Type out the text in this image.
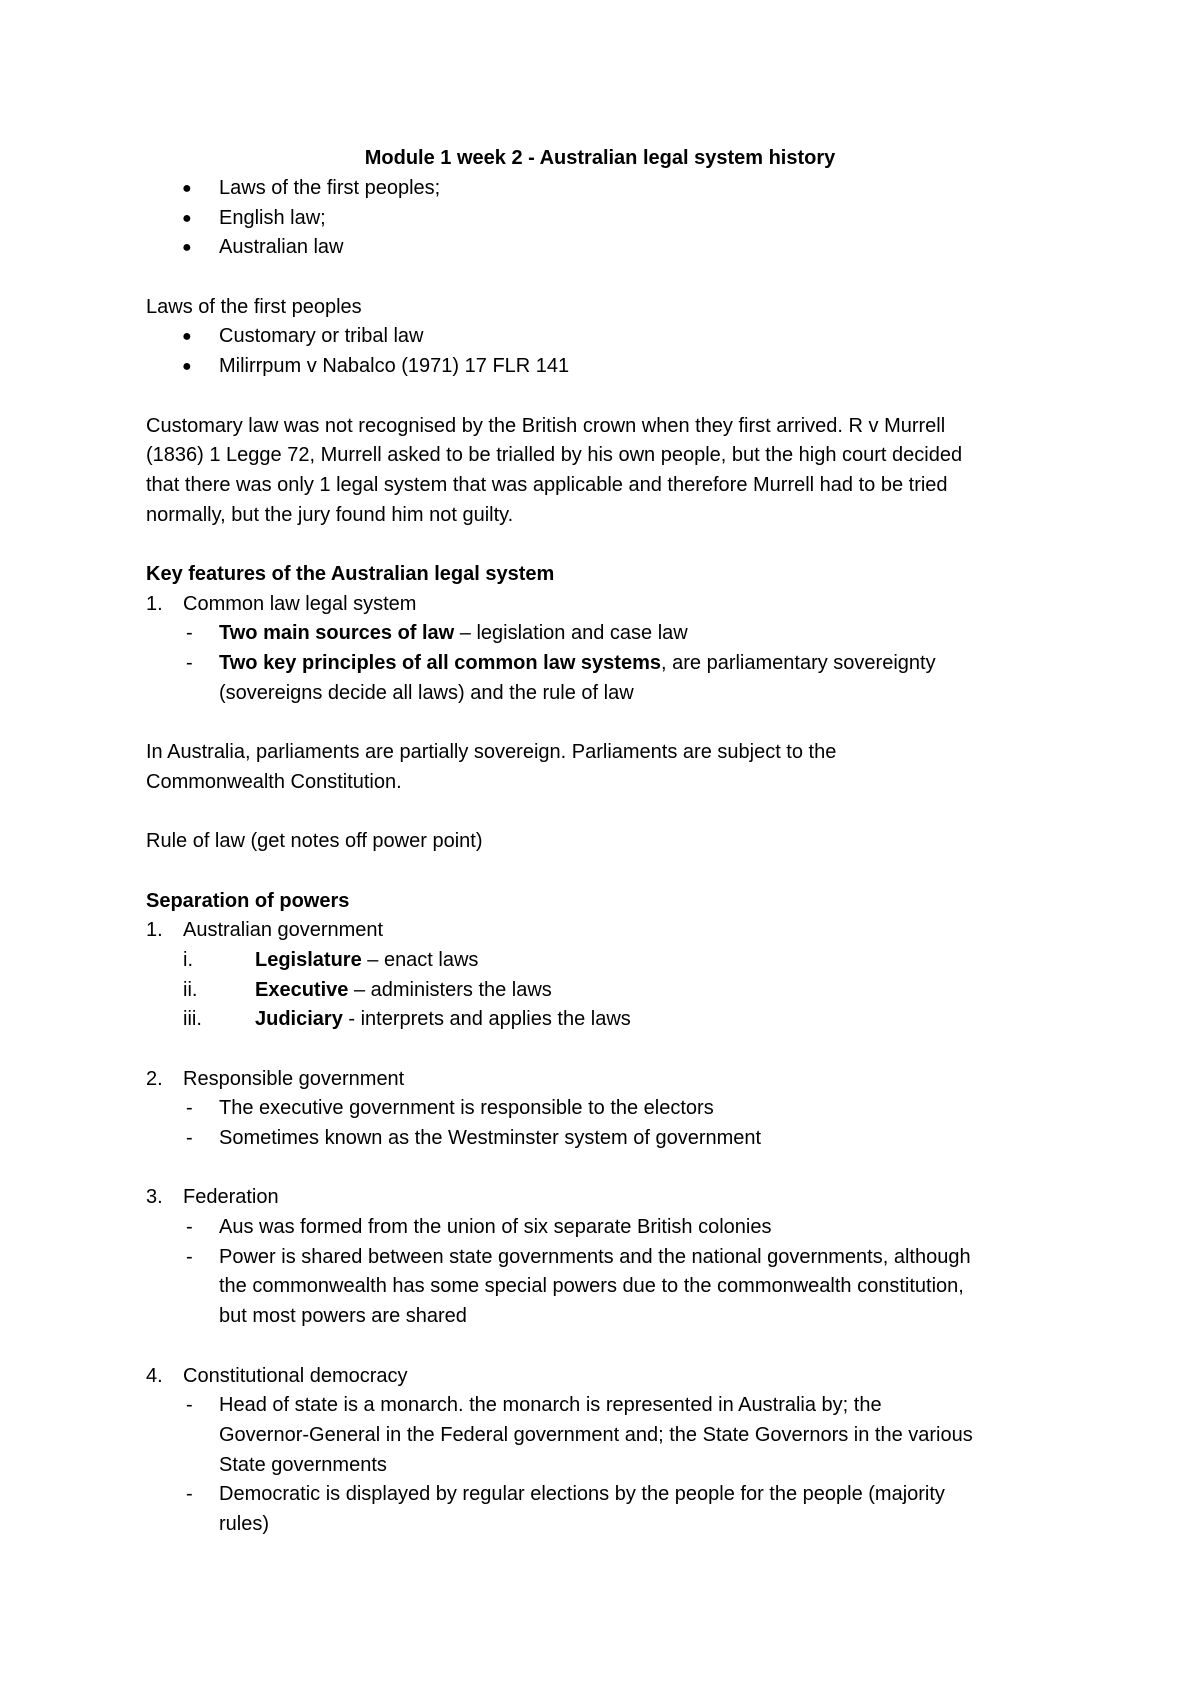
Module 1 week 2 - Australian legal system history
● Laws of the first peoples;
● English law;
● Australian law
Laws of the first peoples
● Customary or tribal law
● Milirrpum v Nabalco (1971) 17 FLR 141
Customary law was not recognised by the British crown when they first arrived. R v Murrell
(1836) 1 Legge 72, Murrell asked to be trialled by his own people, but the high court decided
that there was only 1 legal system that was applicable and therefore Murrell had to be tried
normally, but the jury found him not guilty.
Key features of the Australian legal system
1. Common law legal system
- Two main sources of law – legislation and case law
- Two key principles of all common law systems, are parliamentary sovereignty
(sovereigns decide all laws) and the rule of law
In Australia, parliaments are partially sovereign. Parliaments are subject to the
Commonwealth Constitution.
Rule of law (get notes off power point)
Separation of powers
1. Australian government
i.	Legislature – enact laws
ii.	Executive – administers the laws
iii.	Judiciary - interprets and applies the laws
2. Responsible government
- The executive government is responsible to the electors
- Sometimes known as the Westminster system of government
3. Federation
- Aus was formed from the union of six separate British colonies
- Power is shared between state governments and the national governments, although
the commonwealth has some special powers due to the commonwealth constitution,
but most powers are shared
4. Constitutional democracy
- Head of state is a monarch. the monarch is represented in Australia by; the
Governor-General in the Federal government and; the State Governors in the various
State governments
- Democratic is displayed by regular elections by the people for the people (majority
rules)
